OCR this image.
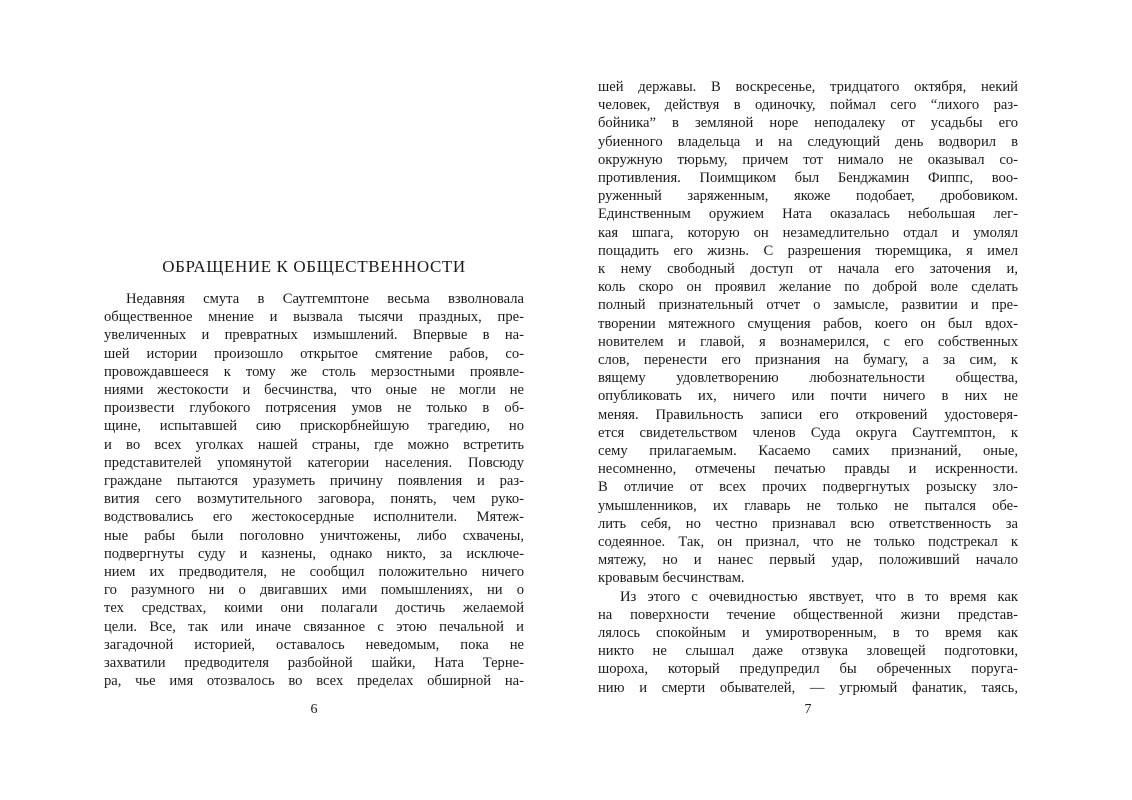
ОБРАЩЕНИЕ К ОБЩЕСТВЕННОСТИ
Недавняя смута в Саутгемптоне весьма взволновала
общественное мнение и вызвала тысячи праздных, пре-
увеличенных и превратных измышлений. Впервые в на-
шей истории произошло открытое смятение рабов, со-
провождавшееся к тому же столь мерзостными проявле-
ниями жестокости и бесчинства, что оные не могли не
произвести глубокого потрясения умов не только в об-
щине, испытавшей сию прискорбнейшую трагедию, но
и во всех уголках нашей страны, где можно встретить
представителей упомянутой категории населения. Повсюду
граждане пытаются уразуметь причину появления и раз-
вития сего возмутительного заговора, понять, чем руко-
водствовались его жестокосердные исполнители. Мятеж-
ные рабы были поголовно уничтожены, либо схвачены,
подвергнуты суду и казнены, однако никто, за исключе-
нием их предводителя, не сообщил положительно ничего
го разумного ни о двигавших ими помышлениях, ни о
тех средствах, коими они полагали достичь желаемой
цели. Все, так или иначе связанное с этою печальной и
загадочной историей, оставалось неведомым, пока не
захватили предводителя разбойной шайки, Ната Терне-
ра, чье имя отозвалось во всех пределах обширной на-
6
шей державы. В воскресенье, тридцатого октября, некий
человек, действуя в одиночку, поймал сего “лихого раз-
бойника” в земляной норе неподалеку от усадьбы его
убиенного владельца и на следующий день водворил в
окружную тюрьму, причем тот нимало не оказывал со-
противления. Поимщиком был Бенджамин Фиппс, воо-
руженный заряженным, якоже подобает, дробовиком.
Единственным оружием Ната оказалась небольшая лег-
кая шпага, которую он незамедлительно отдал и умолял
пощадить его жизнь. С разрешения тюремщика, я имел
к нему свободный доступ от начала его заточения и,
коль скоро он проявил желание по доброй воле сделать
полный признательный отчет о замысле, развитии и пре-
творении мятежного смущения рабов, коего он был вдох-
новителем и главой, я вознамерился, с его собственных
слов, перенести его признания на бумагу, а за сим, к
вящему удовлетворению любознательности общества,
опубликовать их, ничего или почти ничего в них не
меняя. Правильность записи его откровений удостоверя-
ется свидетельством членов Суда округа Саутгемптон, к
сему прилагаемым. Касаемо самих признаний, оные,
несомненно, отмечены печатью правды и искренности.
В отличие от всех прочих подвергнутых розыску зло-
умышленников, их главарь не только не пытался обе-
лить себя, но честно признавал всю ответственность за
содеянное. Так, он признал, что не только подстрекал к
мятежу, но и нанес первый удар, положивший начало
кровавым бесчинствам.
Из этого с очевидностью явствует, что в то время как
на поверхности течение общественной жизни представ-
лялось спокойным и умиротворенным, в то время как
никто не слышал даже отзвука зловещей подготовки,
шороха, который предупредил бы обреченных поруга-
нию и смерти обывателей, — угрюмый фанатик, таясь,
7
